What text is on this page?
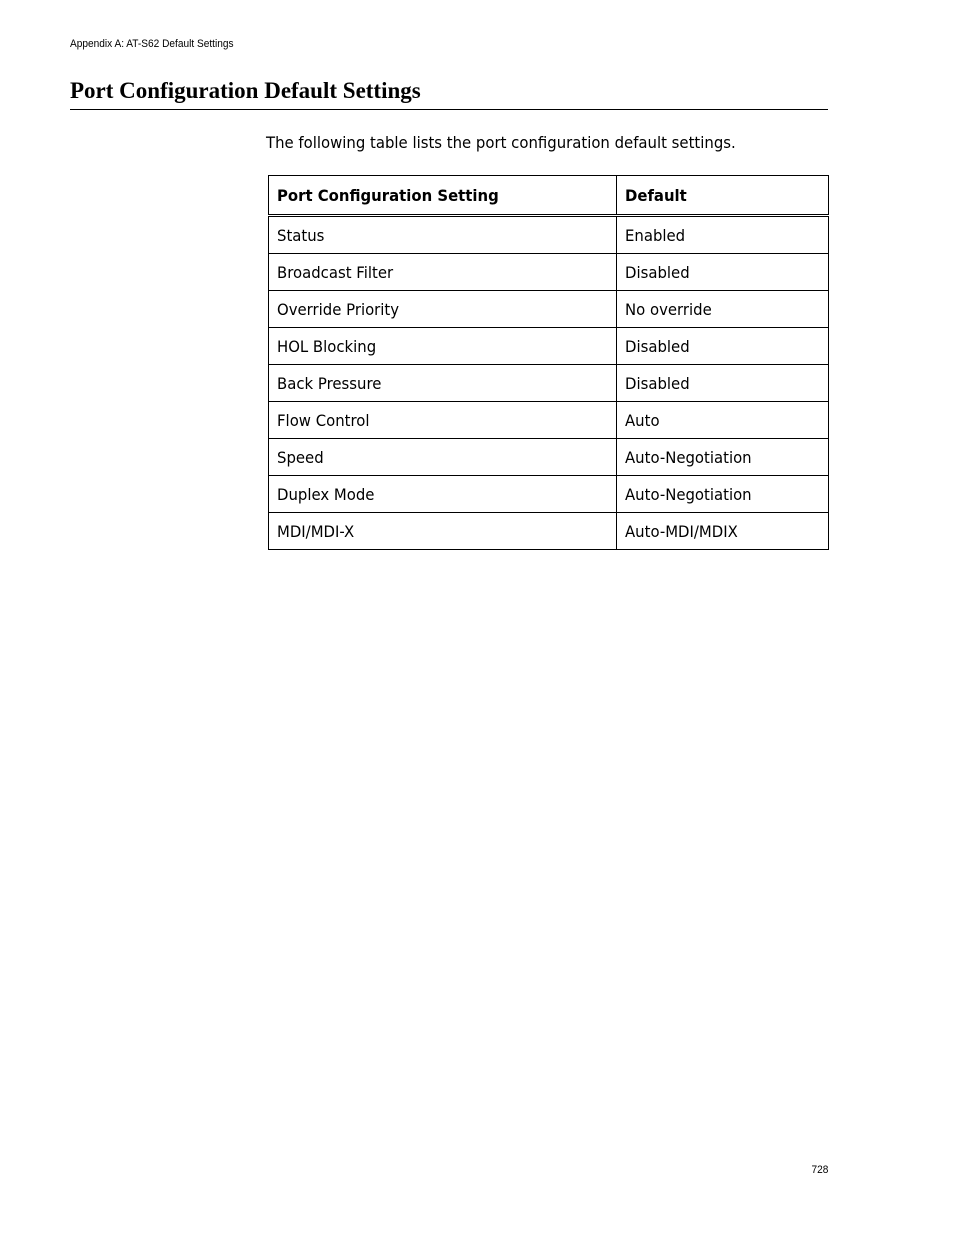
Appendix A: AT-S62 Default Settings
Port Configuration Default Settings

The following table lists the port configuration default settings.

Port Configuration Setting	Default
Status	Enabled
Broadcast Filter	Disabled
Override Priority	No override
HOL Blocking	Disabled
Back Pressure	Disabled
Flow Control	Auto
Speed	Auto-Negotiation
Duplex Mode	Auto-Negotiation
MDI/MDI-X	Auto-MDI/MDIX
728
